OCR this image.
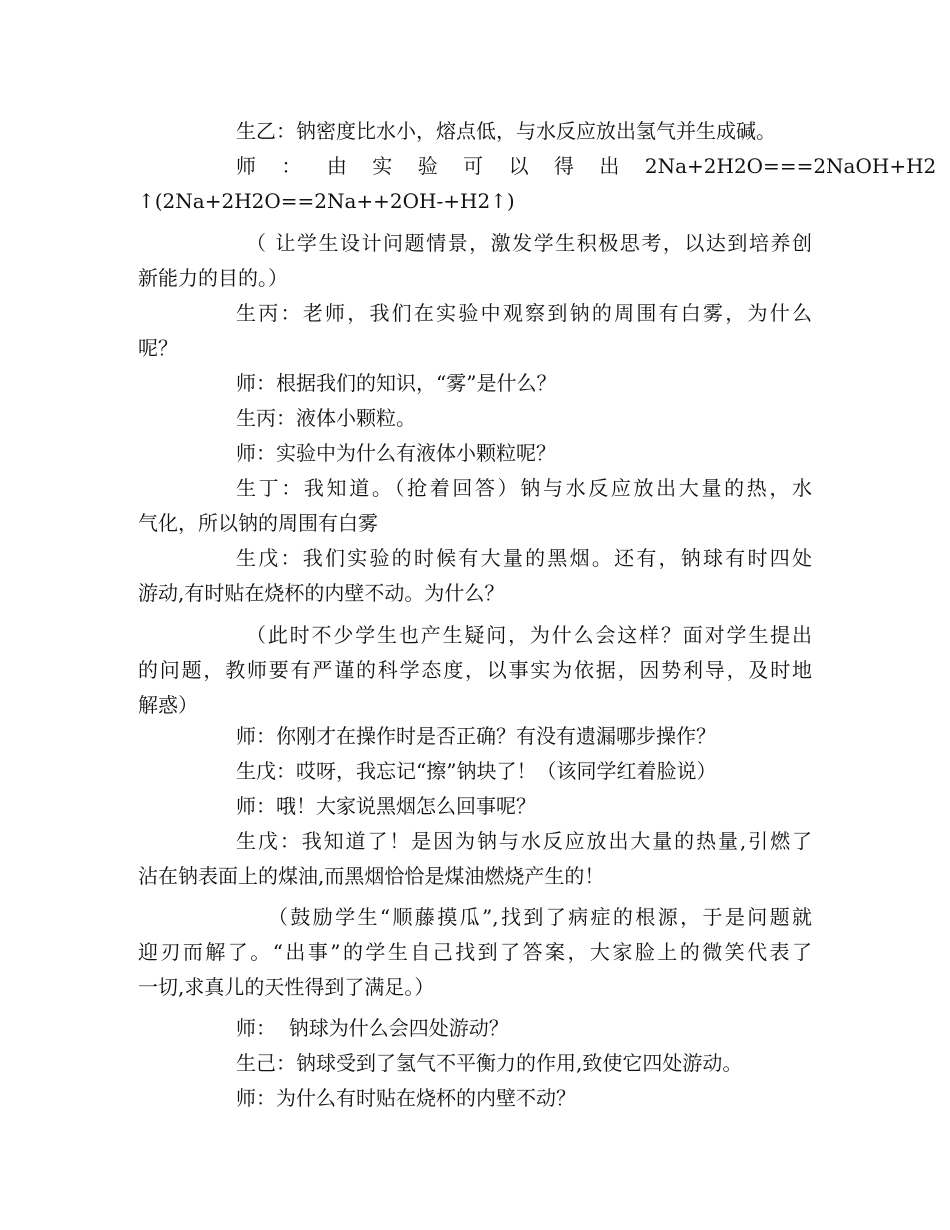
生乙：钠密度比水小，熔点低，与水反应放出氢气并生成碱。
师    ：    由    实    验    可    以    得    出    2Na+2H2O===2NaOH+H2
↑(2Na+2H2O==2Na++2OH-+H2↑)
（ 让学生设计问题情景，激发学生积极思考，以达到培养创
新能力的目的。）
生丙：老师，我们在实验中观察到钠的周围有白雾，为什么
呢？
师：根据我们的知识，“雾”是什么？
生丙：液体小颗粒。
师：实验中为什么有液体小颗粒呢？
生丁：我知道。（抢着回答）钠与水反应放出大量的热，水
气化，所以钠的周围有白雾
生戊：我们实验的时候有大量的黑烟。还有，钠球有时四处
游动,有时贴在烧杯的内壁不动。为什么？
（此时不少学生也产生疑问，为什么会这样？面对学生提出
的问题，教师要有严谨的科学态度，以事实为依据，因势利导，及时地
解惑）
师：你刚才在操作时是否正确？有没有遗漏哪步操作？
生戊：哎呀，我忘记“擦”钠块了！（该同学红着脸说）
师：哦！大家说黑烟怎么回事呢？
生戊：我知道了！是因为钠与水反应放出大量的热量,引燃了
沾在钠表面上的煤油,而黑烟恰恰是煤油燃烧产生的！
（鼓励学生“顺藤摸瓜”,找到了病症的根源，于是问题就
迎刃而解了。“出事”的学生自己找到了答案，大家脸上的微笑代表了
一切,求真儿的天性得到了满足。）
师：  钠球为什么会四处游动？
生己：钠球受到了氢气不平衡力的作用,致使它四处游动。
师：为什么有时贴在烧杯的内壁不动？
